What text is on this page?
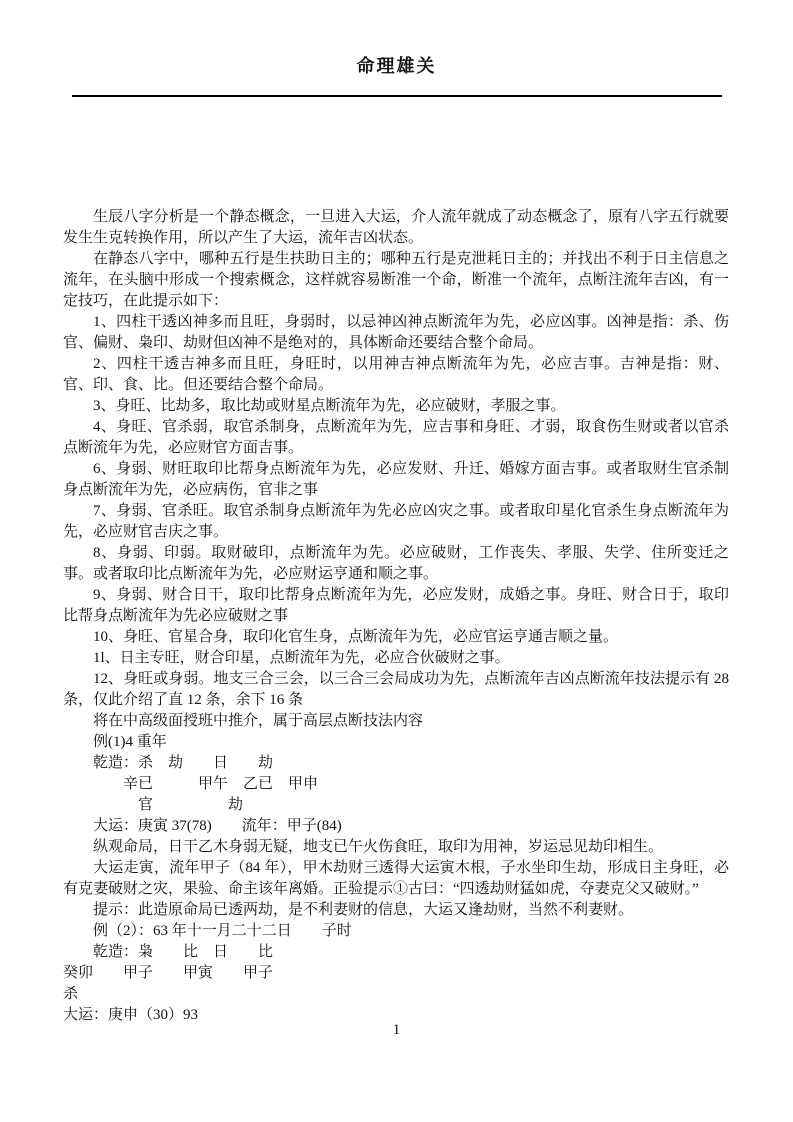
命理雄关

生辰八字分析是一个静态概念，一旦进入大运，介人流年就成了动态概念了，原有八字五行就要发生生克转换作用，所以产生了大运，流年吉凶状态。

在静态八字中，哪种五行是生扶助日主的；哪种五行是克泄耗日主的；并找出不利于日主信息之流年，在头脑中形成一个搜索概念，这样就容易断准一个命，断准一个流年，点断注流年吉凶，有一定技巧，在此提示如下：

1、四柱干透凶神多而且旺，身弱时，以忌神凶神点断流年为先，必应凶事。凶神是指：杀、伤官、偏财、枭印、劫财但凶神不是绝对的，具体断命还要结合整个命局。

2、四柱干透吉神多而且旺，身旺时，以用神吉神点断流年为先，必应吉事。吉神是指：财、官、印、食、比。但还要结合整个命局。

3、身旺、比劫多，取比劫或财星点断流年为先，必应破财，孝服之事。

4、身旺、官杀弱，取官杀制身，点断流年为先，应吉事和身旺、才弱，取食伤生财或者以官杀点断流年为先，必应财官方面吉事。

6、身弱、财旺取印比帮身点断流年为先，必应发财、升迁、婚嫁方面吉事。或者取财生官杀制身点断流年为先，必应病伤，官非之事

7、身弱、官杀旺。取官杀制身点断流年为先必应凶灾之事。或者取印星化官杀生身点断流年为先，必应财官吉庆之事。

8、身弱、印弱。取财破印，点断流年为先。必应破财，工作丧失、孝服、失学、住所变迁之事。或者取印比点断流年为先，必应财运亨通和顺之事。

9、身弱、财合日干，取印比帮身点断流年为先，必应发财，成婚之事。身旺、财合日于，取印比帮身点断流年为先必应破财之事

10、身旺、官星合身，取印化官生身，点断流年为先，必应官运亨通吉顺之量。

1l、日主专旺，财合印星，点断流年为先，必应合伙破财之事。

12、身旺或身弱。地支三合三会，以三合三会局成功为先，点断流年吉凶点断流年技法提示有 28 条，仅此介绍了直 12 条，余下 16 条

将在中高级面授班中推介，属于高层点断技法内容

例(1)4 重年

乾造：杀　劫　　日　　劫

辛已　　　甲午　乙已　甲申

官　　　　　劫

大运：庚寅 37(78)　　流年：甲子(84)

纵观命局，日干乙木身弱无疑，地支已午火伤食旺，取印为用神，岁运忌见劫印相生。

大运走寅，流年甲子（84 年），甲木劫财三透得大运寅木根，子水坐印生劫，形成日主身旺，必有克妻破财之灾，果验、命主该年离婚。正验提示①古曰：“四透劫财猛如虎，夺妻克父又破财。”

提示：此造原命局已透两劫，是不利妻财的信息，大运又逢劫财，当然不利妻财。

例（2）：63 年十一月二十二日　　子时

乾造：枭　　比　日　　比

癸卯　　甲子　　甲寅　　甲子

杀

大运：庚申（30）93

1
